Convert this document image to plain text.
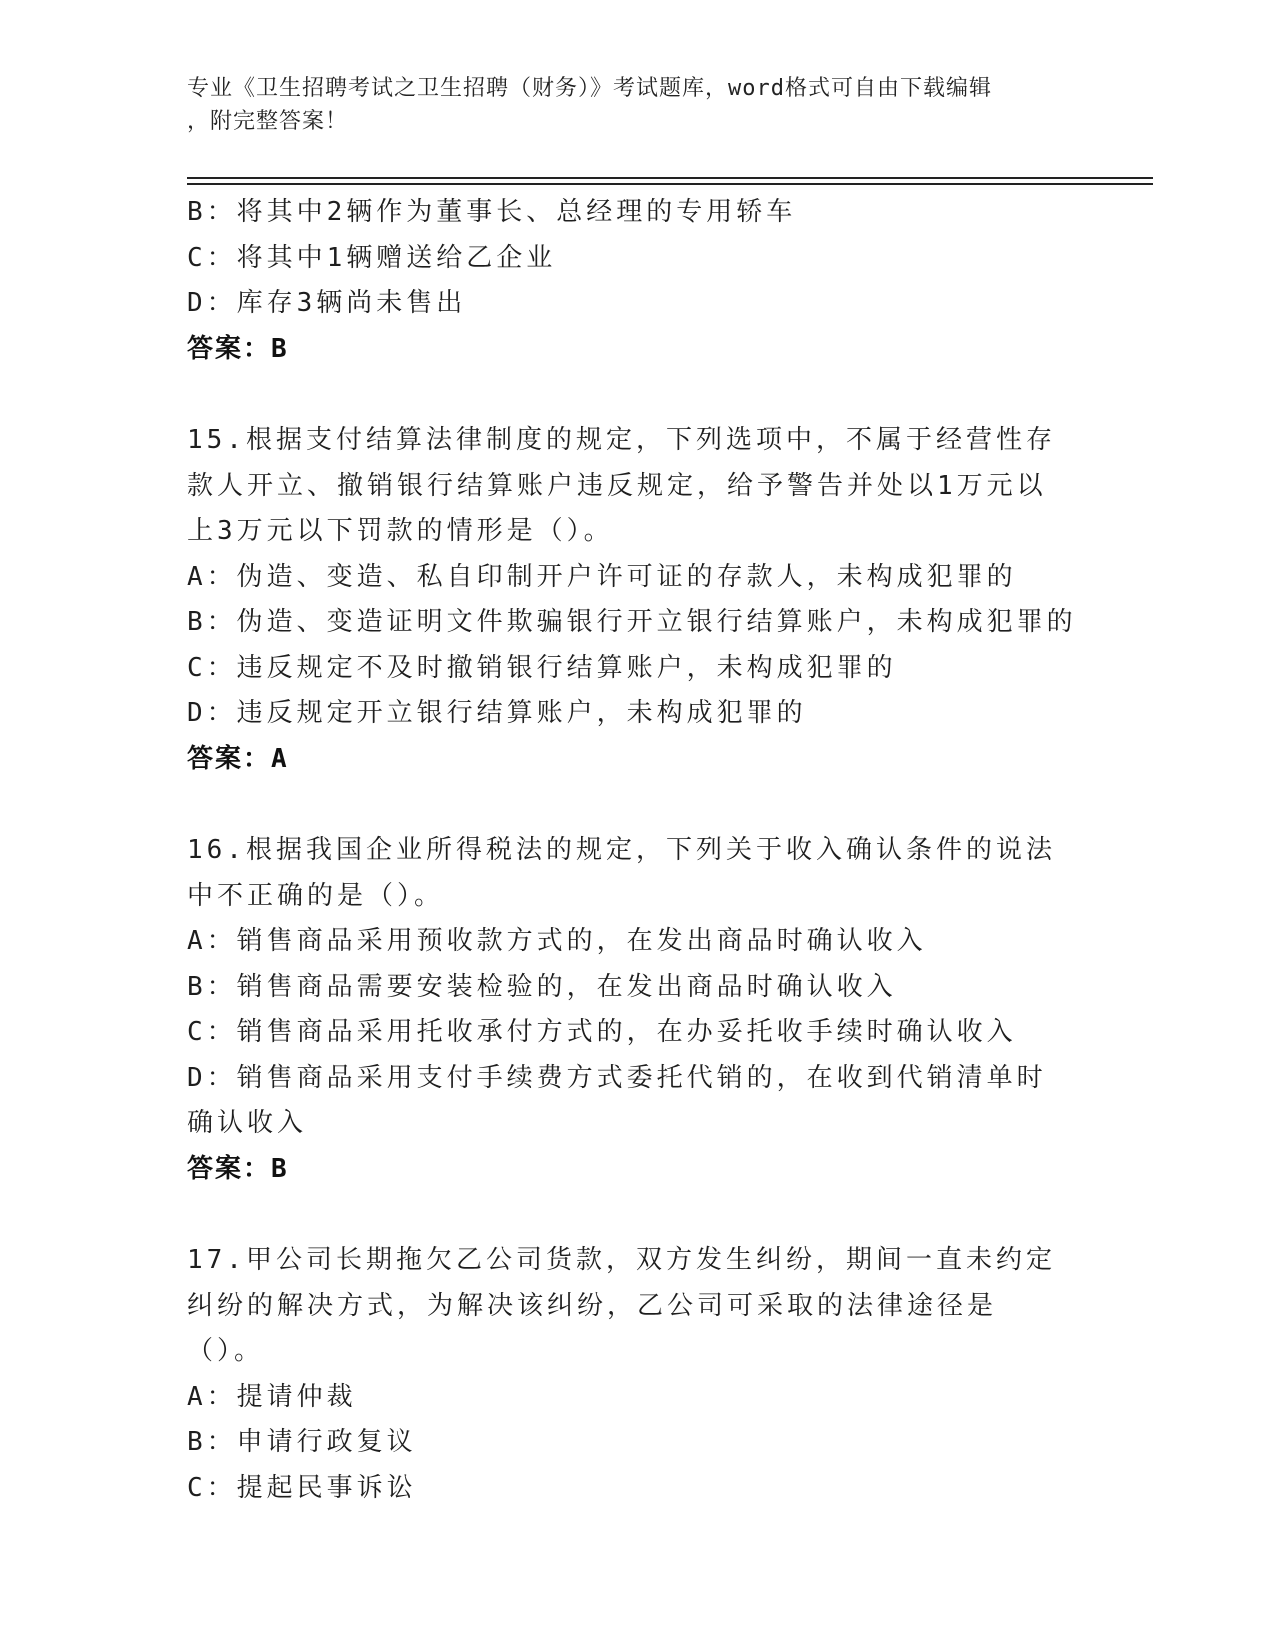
专业《卫生招聘考试之卫生招聘（财务）》考试题库，word格式可自由下载编辑
，附完整答案！
B：将其中2辆作为董事长、总经理的专用轿车
C：将其中1辆赠送给乙企业
D：库存3辆尚未售出
答案：B
15.根据支付结算法律制度的规定，下列选项中，不属于经营性存款人开立、撤销银行结算账户违反规定，给予警告并处以1万元以上3万元以下罚款的情形是（）。
A：伪造、变造、私自印制开户许可证的存款人，未构成犯罪的
B：伪造、变造证明文件欺骗银行开立银行结算账户，未构成犯罪的
C：违反规定不及时撤销银行结算账户，未构成犯罪的
D：违反规定开立银行结算账户，未构成犯罪的
答案：A
16.根据我国企业所得税法的规定，下列关于收入确认条件的说法中不正确的是（）。
A：销售商品采用预收款方式的，在发出商品时确认收入
B：销售商品需要安装检验的，在发出商品时确认收入
C：销售商品采用托收承付方式的，在办妥托收手续时确认收入
D：销售商品采用支付手续费方式委托代销的，在收到代销清单时确认收入
答案：B
17.甲公司长期拖欠乙公司货款，双方发生纠纷，期间一直未约定纠纷的解决方式，为解决该纠纷，乙公司可采取的法律途径是（）。
A：提请仲裁
B：申请行政复议
C：提起民事诉讼
